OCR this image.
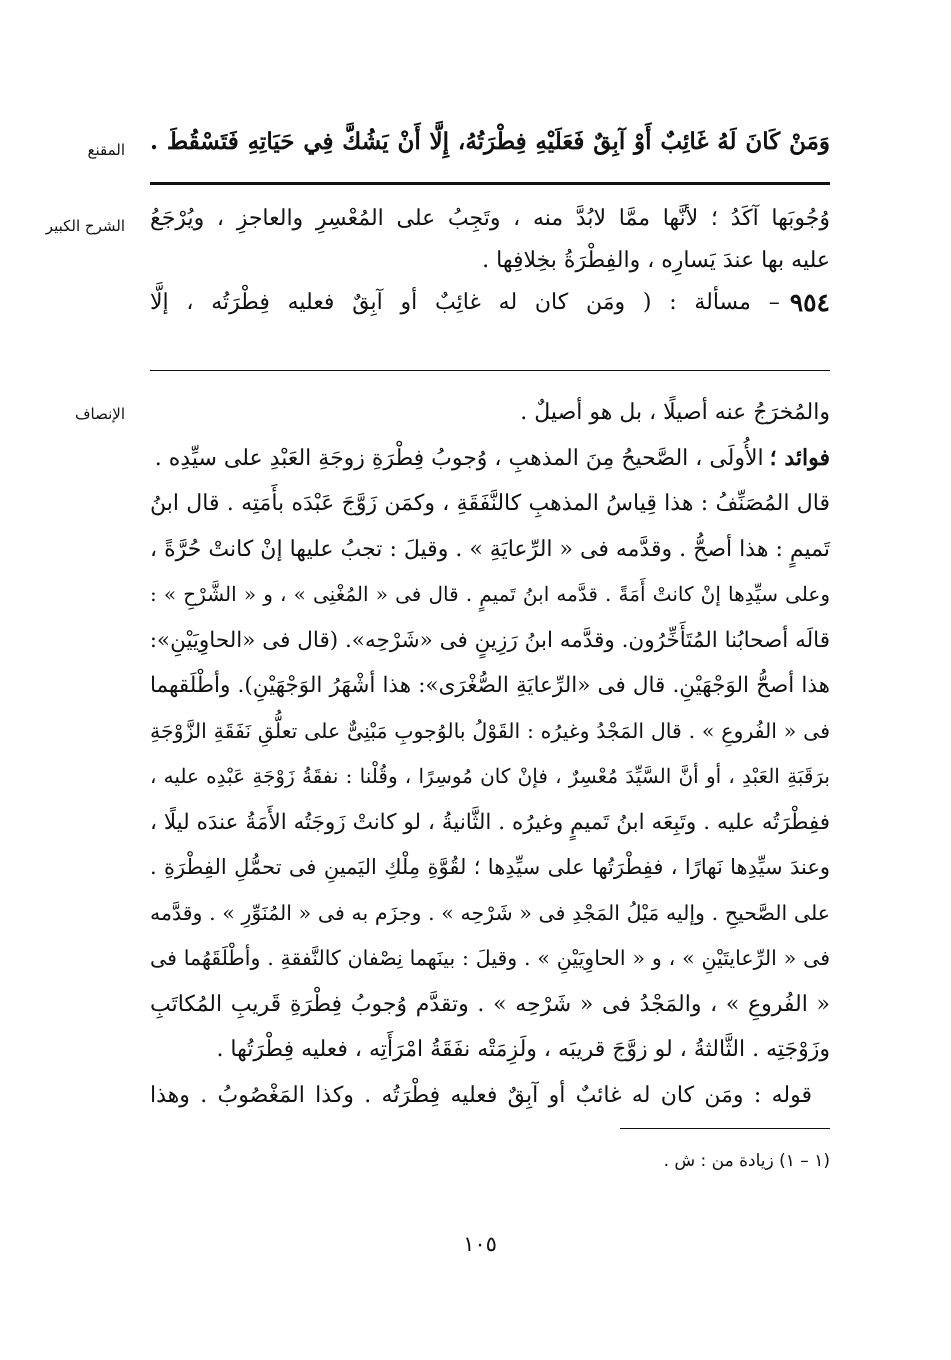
المقنع وَمَنْ كَانَ لَهُ غَائِبٌ أَوْ آبِقٌ فَعَلَيْهِ فِطْرَتُهُ، إِلَّا أَنْ يَشُكَّ فِي حَيَاتِهِ فَتَسْقُطَ .
الشرح الكبير وُجُوبَها آكَدُ ؛ لأنَّها ممَّا لابُدَّ منه ، وتَجِبُ على المُعْسِرِ والعاجزِ ، ويُرْجَعُ
عليه بها عندَ يَسارِه ، والفِطْرَةُ بخِلافِها .
٩٥٤
– مسألة : ( ومَن كان له غائِبٌ أو آبِقٌ فعليه فِطْرَتُه ، إلَّا
الإنصاف	والمُخرَجُ عنه أصيلًا ، بل هو أصيلٌ .
فوائد ؛
الأُولَى ، الصَّحيحُ مِنَ المذهبِ ، وُجوبُ فِطْرَةِ زوجَةِ العَبْدِ على سيِّدِه .
قال المُصَنِّفُ : هذا قِياسُ المذهبِ كالنَّفَقَةِ ، وكمَن زَوَّجَ عَبْدَه بأَمَتِه . قال ابنُ
تَميمٍ : هذا أصحُّ . وقدَّمه فى « الرِّعايَةِ » . وقيلَ : تجبُ عليها إنْ كانتْ حُرَّةً ،
وعلى سيِّدِها إنْ كانتْ أَمَةً . قدَّمه ابنُ تَميمٍ . قال فى « المُغْنِى » ، و « الشَّرْحِ » :
قالَه أصحابُنا المُتَأَخِّرُون. وقدَّمه ابنُ رَزِينٍ فى «شَرْحِه». (قال فى «الحاوِيَيْنِ»:
هذا أصحُّ الوَجْهَيْنِ. قال فى «الرِّعايَةِ الصُّغْرَى»: هذا أشْهَرُ الوَجْهَيْنِ). وأطْلَقهما
فى « الفُروعِ » . قال المَجْدُ وغيرُه : القَوْلُ بالوُجوبِ مَبْنِىٌّ على تعلُّقِ نَفَقَةِ الزَّوْجَةِ
برَقَبَةِ العَبْدِ ، أو أنَّ السَّيِّدَ مُعْسِرٌ ، فإنْ كان مُوسِرًا ، وقُلْنا : نفقَةُ زَوْجَةِ عَبْدِه عليه ،
ففِطْرَتُه عليه . وتَبِعَه ابنُ تَميمٍ وغيرُه . الثَّانيةُ ، لو كانتْ زَوجَتُه الأَمَةُ عندَه ليلًا ،
وعندَ سيِّدِها نَهارًا ، ففِطْرَتُها على سيِّدِها ؛ لقُوَّةِ مِلْكِ اليَمينِ فى تحمُّلِ الفِطْرَةِ .
على الصَّحيحِ . وإليه مَيْلُ المَجْدِ فى « شَرْحِه » . وجزَم به فى « المُنَوِّرِ » . وقدَّمه
فى « الرِّعايتَيْنِ » ، و « الحاوِيَيْنِ » . وقيلَ : بينَهما نِصْفان كالنَّفقةِ . وأطْلَقَهُما فى
« الفُروعِ » ، والمَجْدُ فى « شَرْحِه » . وتقدَّم وُجوبُ فِطْرَةِ قَريبِ المُكاتَبِ
وزَوْجَتِه . الثَّالثةُ ، لو زوَّجَ قريبَه ، ولَزِمَتْه نفَقَةُ امْرَأَتِه ، فعليه فِطْرَتُها .
قوله : ومَن كان له غائبٌ أو آبِقٌ فعليه فِطْرَتُه . وكذا المَغْصُوبُ . وهذا
(١ – ١) زيادة من : ش .
١٠٥
